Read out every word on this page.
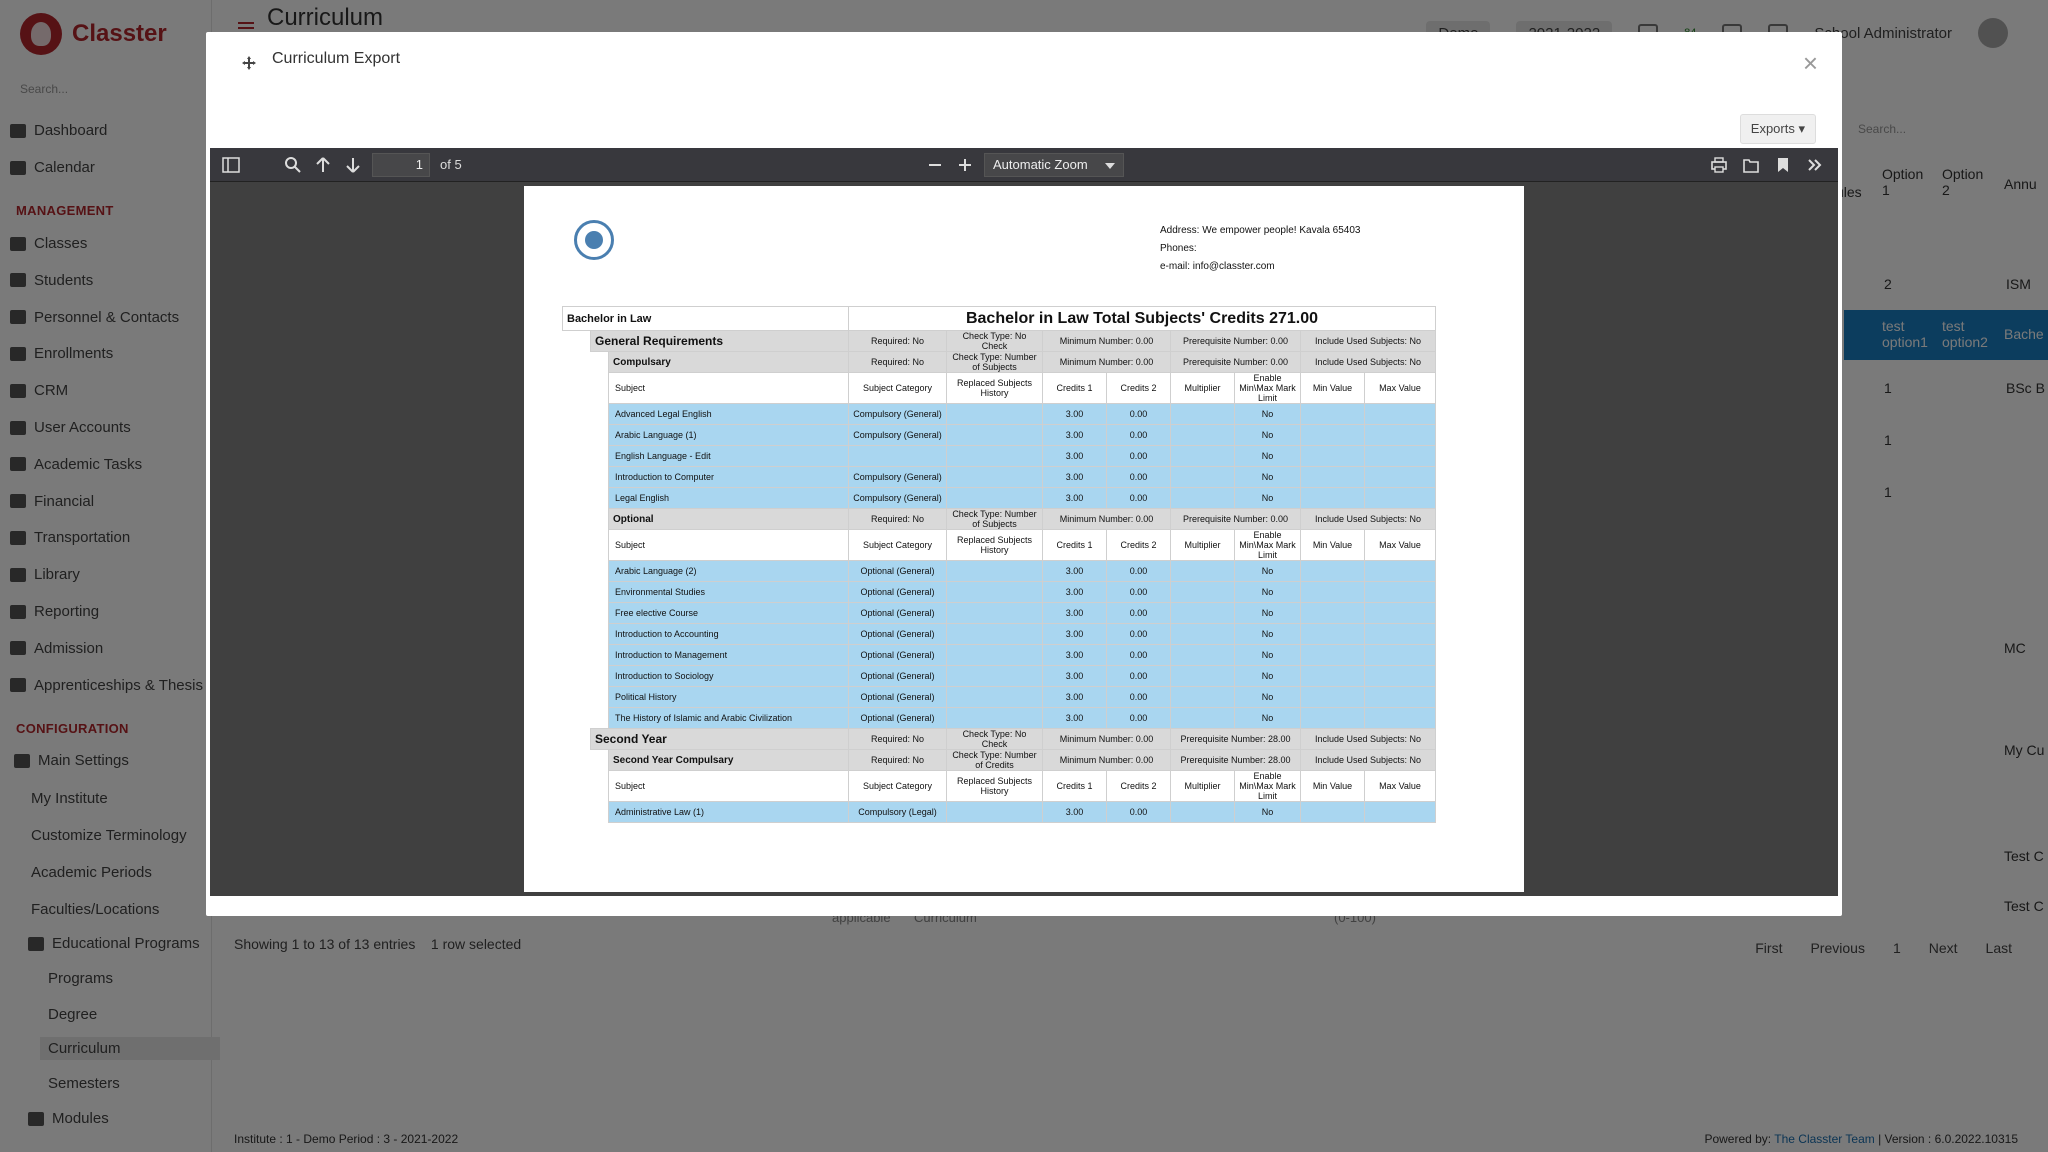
Curriculum Export	×
Exports ▾
1	of 5	Automatic Zoom
Address: We empower people! Kavala 65403
Phones:
e-mail: info@classter.com
Bachelor in Law			Bachelor in Law Total Subjects' Credits 271.00							
	General Requirements		Required: No	Check Type: No Check	Minimum Number: 0.00		Prerequisite Number: 0.00		Include Used Subjects: No	
		Compulsary	Required: No	Check Type: Number of Subjects	Minimum Number: 0.00		Prerequisite Number: 0.00		Include Used Subjects: No	
		Subject	Subject Category	Replaced Subjects History	Credits 1	Credits 2	Multiplier	Enable Min\Max Mark Limit	Min Value	Max Value
		Advanced Legal English	Compulsory (General)		3.00	0.00		No		
		Arabic Language (1)	Compulsory (General)		3.00	0.00		No		
		English Language - Edit			3.00	0.00		No		
		Introduction to Computer	Compulsory (General)		3.00	0.00		No		
		Legal English	Compulsory (General)		3.00	0.00		No		
		Optional	Required: No	Check Type: Number of Subjects	Minimum Number: 0.00		Prerequisite Number: 0.00		Include Used Subjects: No	
		Subject	Subject Category	Replaced Subjects History	Credits 1	Credits 2	Multiplier	Enable Min\Max Mark Limit	Min Value	Max Value
		Arabic Language (2)	Optional (General)		3.00	0.00		No		
		Environmental Studies	Optional (General)		3.00	0.00		No		
		Free elective Course	Optional (General)		3.00	0.00		No		
		Introduction to Accounting	Optional (General)		3.00	0.00		No		
		Introduction to Management	Optional (General)		3.00	0.00		No		
		Introduction to Sociology	Optional (General)		3.00	0.00		No		
		Political History	Optional (General)		3.00	0.00		No		
		The History of Islamic and Arabic Civilization	Optional (General)		3.00	0.00		No		
	Second Year		Required: No	Check Type: No Check	Minimum Number: 0.00		Prerequisite Number: 28.00		Include Used Subjects: No	
		Second Year Compulsary	Required: No	Check Type: Number of Credits	Minimum Number: 0.00		Prerequisite Number: 28.00		Include Used Subjects: No	
		Subject	Subject Category	Replaced Subjects History	Credits 1	Credits 2	Multiplier	Enable Min\Max Mark Limit	Min Value	Max Value
		Administrative Law (1)	Compulsory (Legal)		3.00	0.00		No		
